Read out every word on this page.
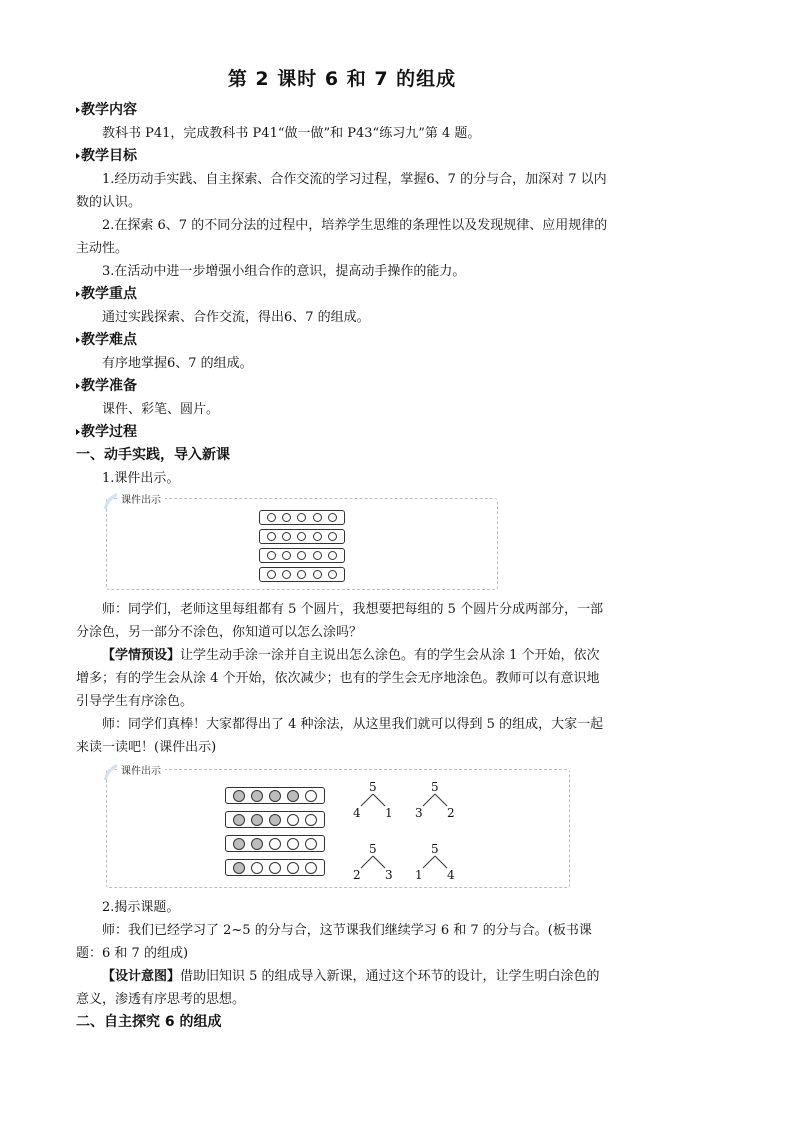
第 2 课时 6 和 7 的组成
教学内容

教科书 P41，完成教科书 P41“做一做”和 P43“练习九”第 4 题。

教学目标

1.经历动手实践、自主探索、合作交流的学习过程，掌握6、7 的分与合，加深对 7 以内数的认识。

2.在探索 6、7 的不同分法的过程中，培养学生思维的条理性以及发现规律、应用规律的主动性。

3.在活动中进一步增强小组合作的意识，提高动手操作的能力。

教学重点

通过实践探索、合作交流，得出6、7 的组成。

教学难点

有序地掌握6、7 的组成。

教学准备

课件、彩笔、圆片。

教学过程
一、动手实践，导入新课

1.课件出示。

课件出示

师：同学们，老师这里每组都有 5 个圆片，我想要把每组的 5 个圆片分成两部分，一部分涂色，另一部分不涂色，你知道可以怎么涂吗？

【学情预设】让学生动手涂一涂并自主说出怎么涂色。有的学生会从涂 1 个开始，依次增多；有的学生会从涂 4 个开始，依次减少；也有的学生会无序地涂色。教师可以有意识地引导学生有序涂色。

师：同学们真棒！大家都得出了 4 种涂法，从这里我们就可以得到 5 的组成，大家一起来读一读吧！(课件出示)

课件出示
5
4 1
5
3 2
5
2 3
5
1 4

2.揭示课题。

师：我们已经学习了 2~5 的分与合，这节课我们继续学习 6 和 7 的分与合。(板书课题：6 和 7 的组成)

【设计意图】借助旧知识 5 的组成导入新课，通过这个环节的设计，让学生明白涂色的意义，渗透有序思考的思想。

二、自主探究 6 的组成
